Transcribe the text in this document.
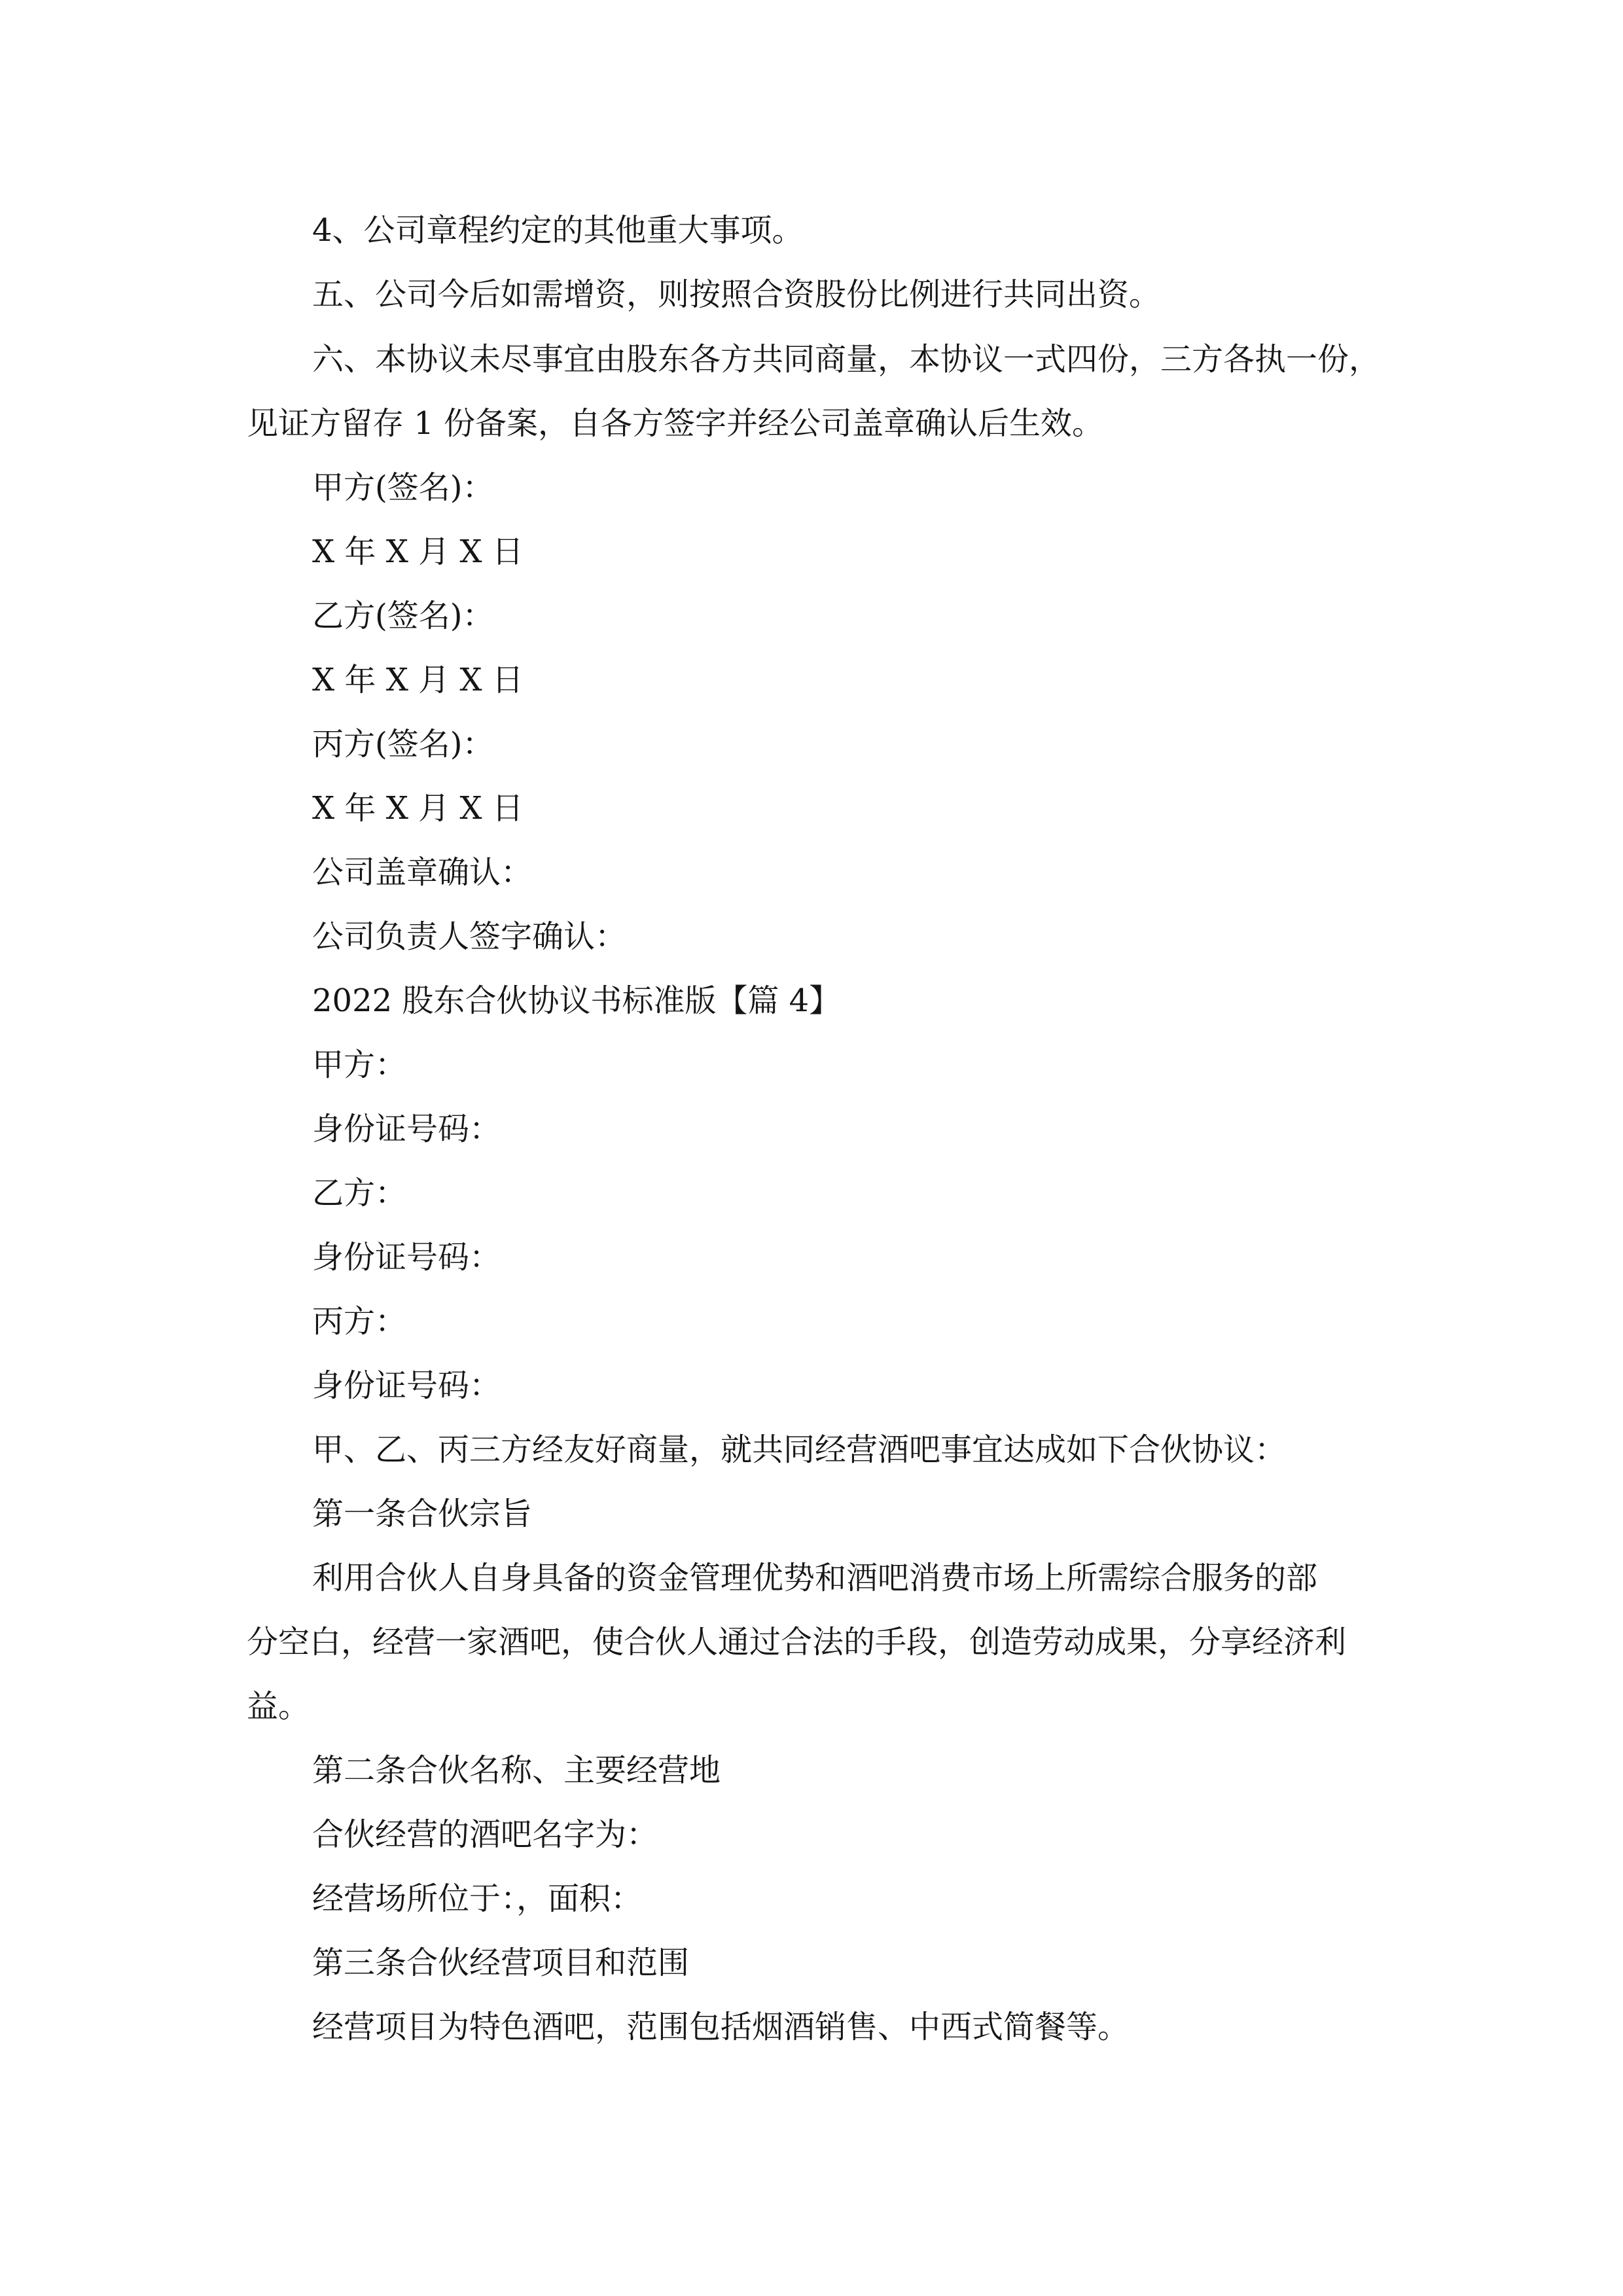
4、公司章程约定的其他重大事项。

五、公司今后如需增资，则按照合资股份比例进行共同出资。

六、本协议未尽事宜由股东各方共同商量，本协议一式四份，三方各执一份，

见证方留存 1 份备案，自各方签字并经公司盖章确认后生效。

甲方(签名)：

X 年 X 月 X 日

乙方(签名)：

X 年 X 月 X 日

丙方(签名)：

X 年 X 月 X 日

公司盖章确认：

公司负责人签字确认：

2022 股东合伙协议书标准版【篇 4】

甲方：

身份证号码：

乙方：

身份证号码：

丙方：

身份证号码：

甲、乙、丙三方经友好商量，就共同经营酒吧事宜达成如下合伙协议：

第一条合伙宗旨

利用合伙人自身具备的资金管理优势和酒吧消费市场上所需综合服务的部

分空白，经营一家酒吧，使合伙人通过合法的手段，创造劳动成果，分享经济利

益。

第二条合伙名称、主要经营地

合伙经营的酒吧名字为：

经营场所位于：，面积：

第三条合伙经营项目和范围

经营项目为特色酒吧，范围包括烟酒销售、中西式简餐等。
